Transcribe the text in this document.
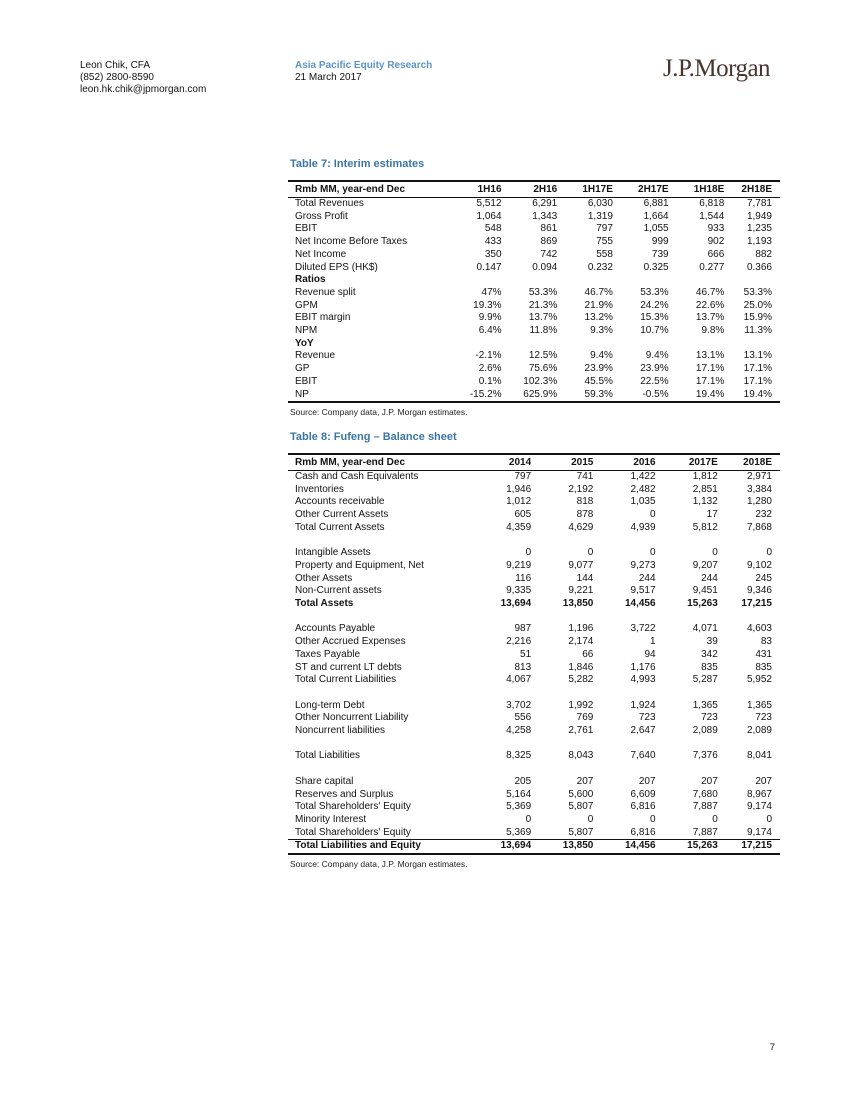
Leon Chik, CFA
(852) 2800-8590
leon.hk.chik@jpmorgan.com
Asia Pacific Equity Research
21 March 2017	J.P.Morgan
Table 7: Interim estimates
Rmb MM, year-end Dec	1H16	2H16	1H17E	2H17E	1H18E	2H18E
Total Revenues	5,512	6,291	6,030	6,881	6,818	7,781
Gross Profit	1,064	1,343	1,319	1,664	1,544	1,949
EBIT	548	861	797	1,055	933	1,235
Net Income Before Taxes	433	869	755	999	902	1,193
Net Income	350	742	558	739	666	882
Diluted EPS (HK$)	0.147	0.094	0.232	0.325	0.277	0.366
Ratios						
Revenue split	47%	53.3%	46.7%	53.3%	46.7%	53.3%
GPM	19.3%	21.3%	21.9%	24.2%	22.6%	25.0%
EBIT margin	9.9%	13.7%	13.2%	15.3%	13.7%	15.9%
NPM	6.4%	11.8%	9.3%	10.7%	9.8%	11.3%
YoY						
Revenue	-2.1%	12.5%	9.4%	9.4%	13.1%	13.1%
GP	2.6%	75.6%	23.9%	23.9%	17.1%	17.1%
EBIT	0.1%	102.3%	45.5%	22.5%	17.1%	17.1%
NP	-15.2%	625.9%	59.3%	-0.5%	19.4%	19.4%
Source: Company data, J.P. Morgan estimates.
Table 8: Fufeng – Balance sheet
Rmb MM, year-end Dec	2014	2015	2016	2017E	2018E
Cash and Cash Equivalents	797	741	1,422	1,812	2,971
Inventories	1,946	2,192	2,482	2,851	3,384
Accounts receivable	1,012	818	1,035	1,132	1,280
Other Current Assets	605	878	0	17	232
Total Current Assets	4,359	4,629	4,939	5,812	7,868

Intangible Assets	0	0	0	0	0
Property and Equipment, Net	9,219	9,077	9,273	9,207	9,102
Other Assets	116	144	244	244	245
Non-Current assets	9,335	9,221	9,517	9,451	9,346
Total Assets	13,694	13,850	14,456	15,263	17,215

Accounts Payable	987	1,196	3,722	4,071	4,603
Other Accrued Expenses	2,216	2,174	1	39	83
Taxes Payable	51	66	94	342	431
ST and current LT debts	813	1,846	1,176	835	835
Total Current Liabilities	4,067	5,282	4,993	5,287	5,952

Long-term Debt	3,702	1,992	1,924	1,365	1,365
Other Noncurrent Liability	556	769	723	723	723
Noncurrent liabilities	4,258	2,761	2,647	2,089	2,089

Total Liabilities	8,325	8,043	7,640	7,376	8,041

Share capital	205	207	207	207	207
Reserves and Surplus	5,164	5,600	6,609	7,680	8,967
Total Shareholders' Equity	5,369	5,807	6,816	7,887	9,174
Minority Interest	0	0	0	0	0
Total Shareholders' Equity	5,369	5,807	6,816	7,887	9,174
Total Liabilities and Equity	13,694	13,850	14,456	15,263	17,215
Source: Company data, J.P. Morgan estimates.
7
